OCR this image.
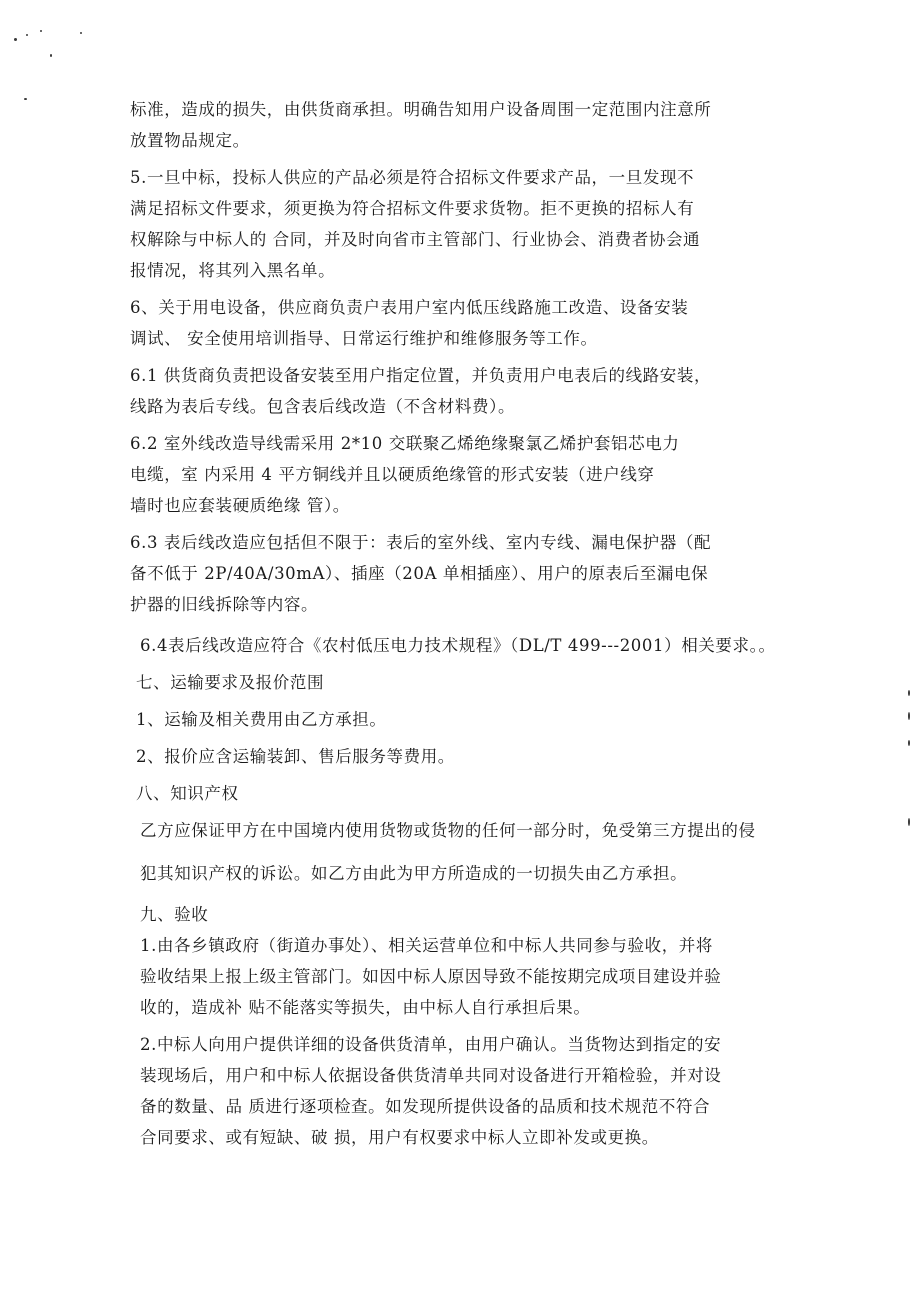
标准，造成的损失，由供货商承担。明确告知用户设备周围一定范围内注意所
放置物品规定。
5.一旦中标，投标人供应的产品必须是符合招标文件要求产品，一旦发现不
满足招标文件要求，须更换为符合招标文件要求货物。拒不更换的招标人有
权解除与中标人的 合同，并及时向省市主管部门、行业协会、消费者协会通
报情况，将其列入黑名单。
6、关于用电设备，供应商负责户表用户室内低压线路施工改造、设备安装
调试、 安全使用培训指导、日常运行维护和维修服务等工作。
6.1 供货商负责把设备安装至用户指定位置，并负责用户电表后的线路安装，
线路为表后专线。包含表后线改造（不含材料费）。
6.2 室外线改造导线需采用 2*10 交联聚乙烯绝缘聚氯乙烯护套铝芯电力
电缆，室 内采用 4 平方铜线并且以硬质绝缘管的形式安装（进户线穿
墙时也应套装硬质绝缘 管）。
6.3 表后线改造应包括但不限于：表后的室外线、室内专线、漏电保护器（配
备不低于 2P/40A/30mA）、插座（20A 单相插座）、用户的原表后至漏电保
护器的旧线拆除等内容。
6.4表后线改造应符合《农村低压电力技术规程》（DL/T 499---2001）相关要求。。
七、运输要求及报价范围
1、运输及相关费用由乙方承担。
2、报价应含运输装卸、售后服务等费用。
八、知识产权
乙方应保证甲方在中国境内使用货物或货物的任何一部分时，免受第三方提出的侵
犯其知识产权的诉讼。如乙方由此为甲方所造成的一切损失由乙方承担。
九、验收
1.由各乡镇政府（街道办事处）、相关运营单位和中标人共同参与验收，并将
验收结果上报上级主管部门。如因中标人原因导致不能按期完成项目建设并验
收的，造成补 贴不能落实等损失，由中标人自行承担后果。
2.中标人向用户提供详细的设备供货清单，由用户确认。当货物达到指定的安
装现场后，用户和中标人依据设备供货清单共同对设备进行开箱检验，并对设
备的数量、品 质进行逐项检查。如发现所提供设备的品质和技术规范不符合
合同要求、或有短缺、破 损，用户有权要求中标人立即补发或更换。
